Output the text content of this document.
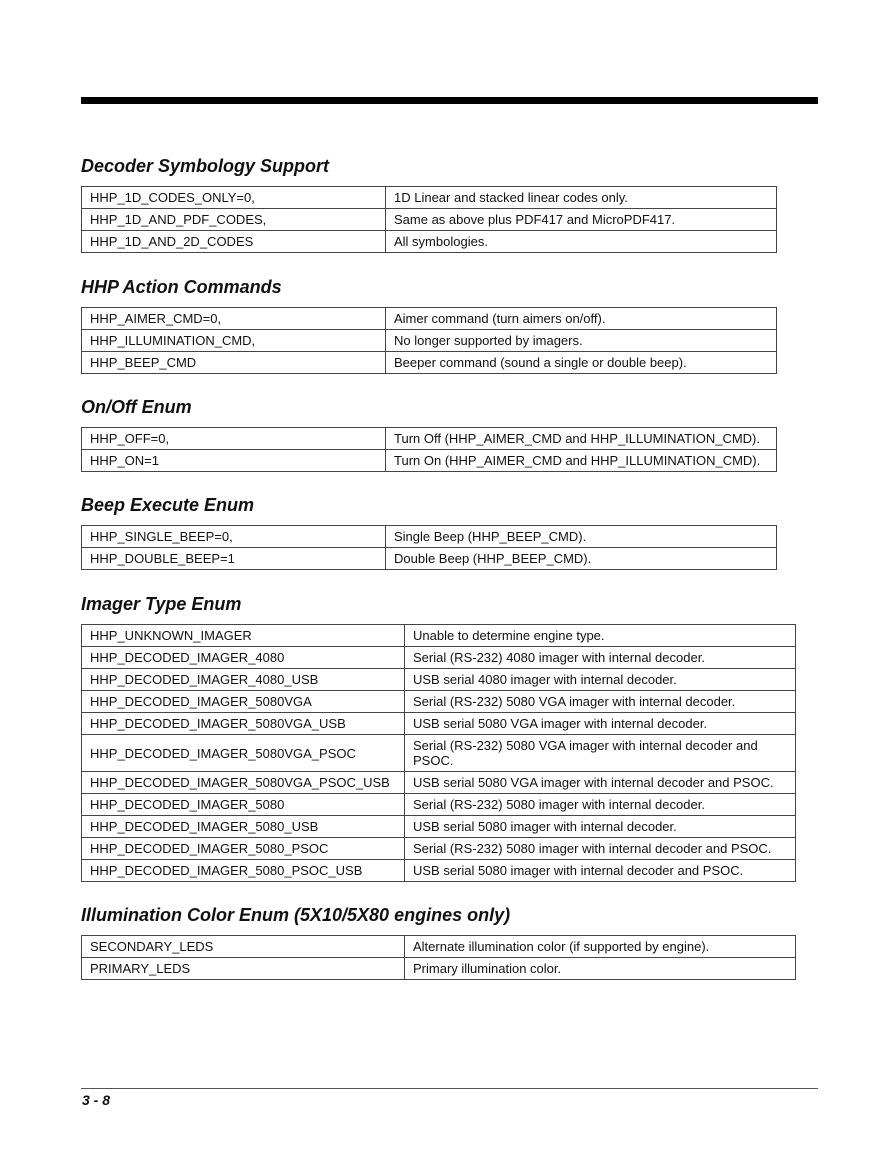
Decoder Symbology Support
HHP_1D_CODES_ONLY=0,	1D Linear and stacked linear codes only.
HHP_1D_AND_PDF_CODES,	Same as above plus PDF417 and MicroPDF417.
HHP_1D_AND_2D_CODES	All symbologies.
HHP Action Commands
HHP_AIMER_CMD=0,	Aimer command (turn aimers on/off).
HHP_ILLUMINATION_CMD,	No longer supported by imagers.
HHP_BEEP_CMD	Beeper command (sound a single or double beep).
On/Off Enum
HHP_OFF=0,	Turn Off (HHP_AIMER_CMD and HHP_ILLUMINATION_CMD).
HHP_ON=1	Turn On (HHP_AIMER_CMD and HHP_ILLUMINATION_CMD).
Beep Execute Enum
HHP_SINGLE_BEEP=0,	Single Beep (HHP_BEEP_CMD).
HHP_DOUBLE_BEEP=1	Double Beep (HHP_BEEP_CMD).
Imager Type Enum
HHP_UNKNOWN_IMAGER	Unable to determine engine type.
HHP_DECODED_IMAGER_4080	Serial (RS-232) 4080 imager with internal decoder.
HHP_DECODED_IMAGER_4080_USB	USB serial 4080 imager with internal decoder.
HHP_DECODED_IMAGER_5080VGA	Serial (RS-232) 5080 VGA imager with internal decoder.
HHP_DECODED_IMAGER_5080VGA_USB	USB serial 5080 VGA imager with internal decoder.
HHP_DECODED_IMAGER_5080VGA_PSOC	Serial (RS-232) 5080 VGA imager with internal decoder and PSOC.
HHP_DECODED_IMAGER_5080VGA_PSOC_USB	USB serial 5080 VGA imager with internal decoder and PSOC.
HHP_DECODED_IMAGER_5080	Serial (RS-232) 5080 imager with internal decoder.
HHP_DECODED_IMAGER_5080_USB	USB serial 5080 imager with internal decoder.
HHP_DECODED_IMAGER_5080_PSOC	Serial (RS-232) 5080 imager with internal decoder and PSOC.
HHP_DECODED_IMAGER_5080_PSOC_USB	USB serial 5080 imager with internal decoder and PSOC.
Illumination Color Enum (5X10/5X80 engines only)
SECONDARY_LEDS	Alternate illumination color (if supported by engine).
PRIMARY_LEDS	Primary illumination color.
3 - 8
